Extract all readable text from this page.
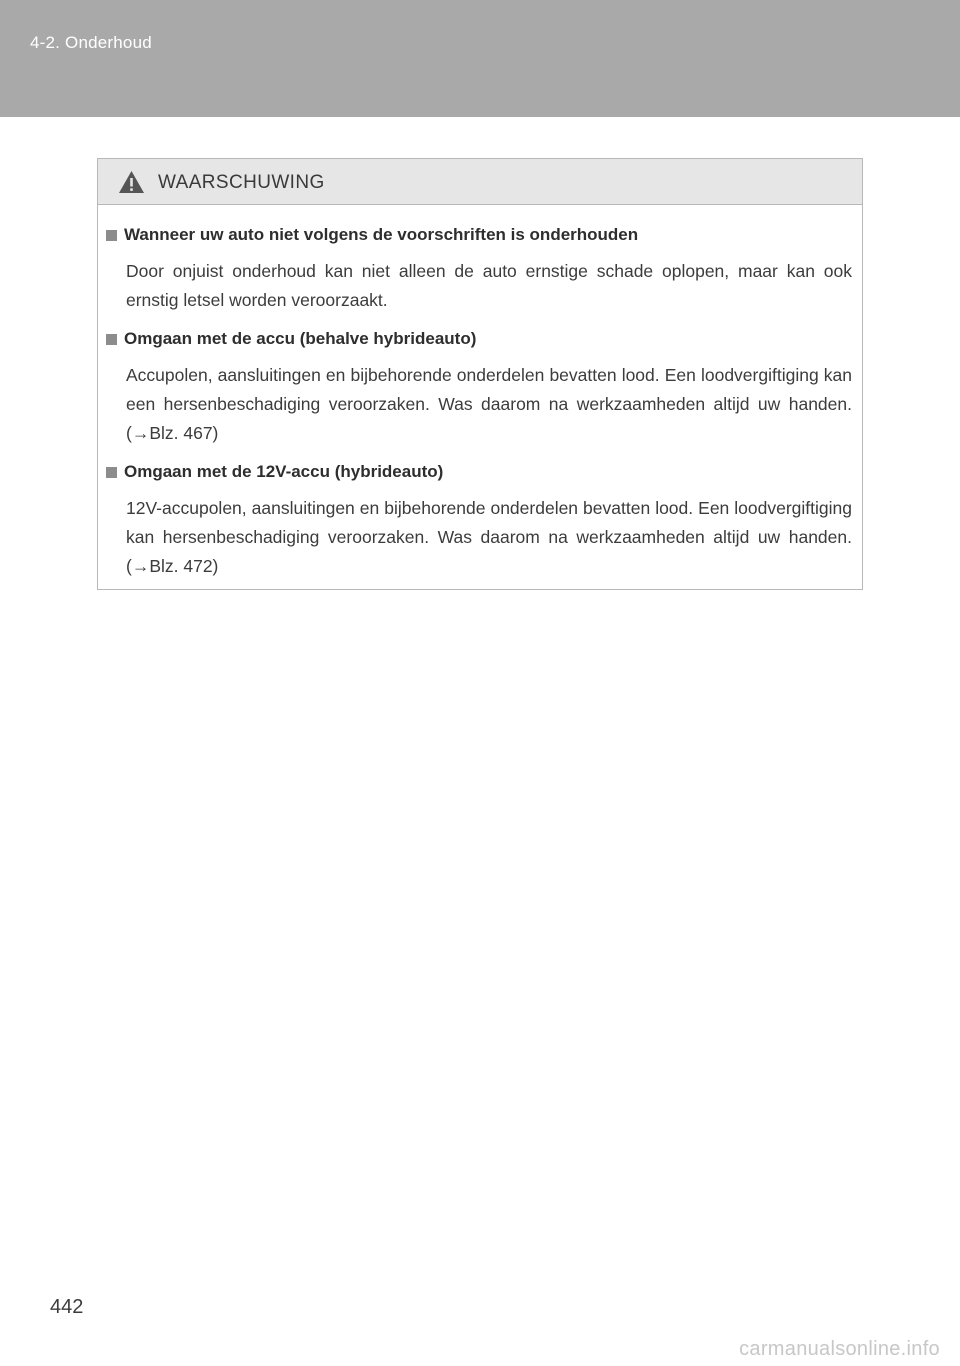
4-2. Onderhoud
WAARSCHUWING
Wanneer uw auto niet volgens de voorschriften is onderhouden
Door onjuist onderhoud kan niet alleen de auto ernstige schade oplopen, maar kan ook ernstig letsel worden veroorzaakt.
Omgaan met de accu (behalve hybrideauto)
Accupolen, aansluitingen en bijbehorende onderdelen bevatten lood. Een loodvergiftiging kan een hersenbeschadiging veroorzaken. Was daarom na werkzaamheden altijd uw handen. (→Blz. 467)
Omgaan met de 12V-accu (hybrideauto)
12V-accupolen, aansluitingen en bijbehorende onderdelen bevatten lood. Een loodvergiftiging kan hersenbeschadiging veroorzaken. Was daarom na werkzaamheden altijd uw handen. (→Blz. 472)
442
carmanualsonline.info
